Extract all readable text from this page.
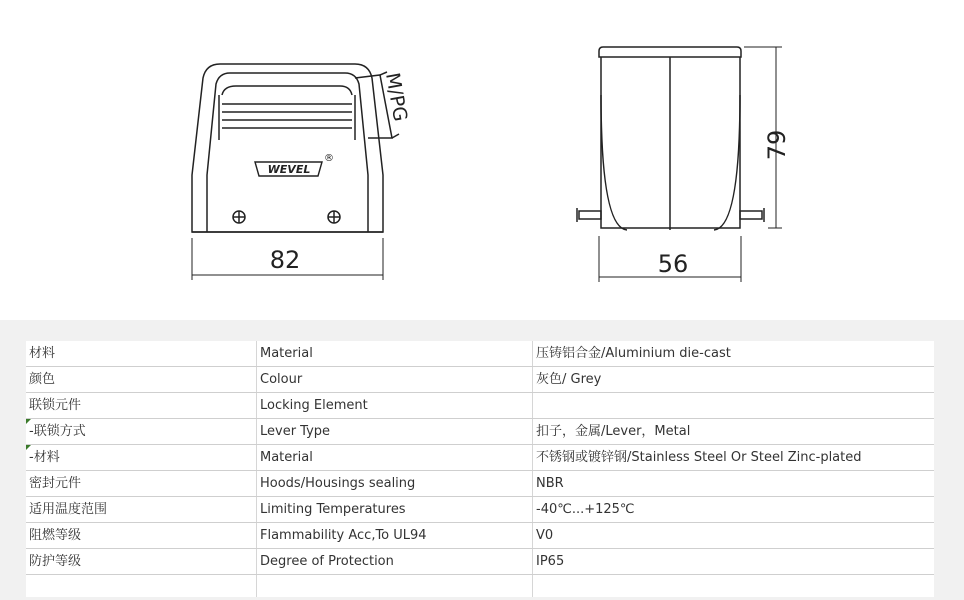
WEVEL
®
82
M/PG
56
79
材料	Material	压铸铝合金/Aluminium die-cast
颜色	Colour	灰色/ Grey
联锁元件	Locking Element	
-联锁方式	Lever Type	扣子，金属/Lever，Metal
-材料	Material	不锈钢或镀锌钢/Stainless Steel Or Steel Zinc-plated
密封元件	Hoods/Housings sealing	NBR
适用温度范围	Limiting Temperatures	-40℃...+125℃
阻燃等级	Flammability Acc,To UL94	V0
防护等级	Degree of Protection	IP65
